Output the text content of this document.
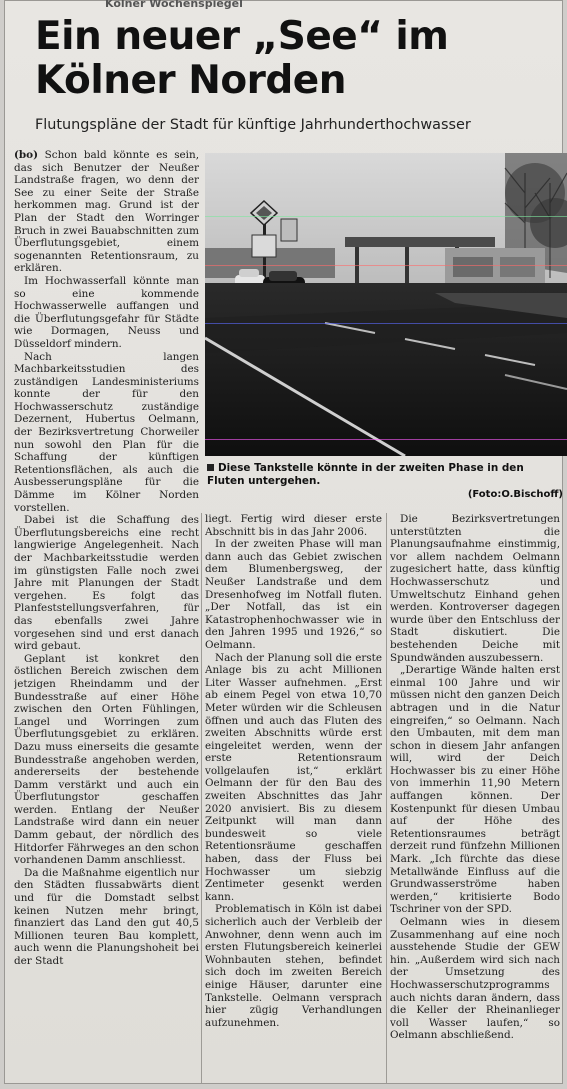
Kölner Wochenspiegel
Ein neuer „See“ im Kölner Norden
Flutungspläne der Stadt für künftige Jahrhunderthochwasser

(bo) Schon bald könnte es sein, das sich Benutzer der Neußer Landstraße fragen, wo denn der See zu einer Seite der Straße herkommen mag. Grund ist der Plan der Stadt den Worringer Bruch in zwei Bauabschnitten zum Überflutungsgebiet, einem sogenannten Retentionsraum, zu erklären.

Im Hochwasserfall könnte man so eine kommende Hochwasserwelle auffangen und die Überflutungsgefahr für Städte wie Dormagen, Neuss und Düsseldorf mindern.

Nach langen Machbarkeitsstudien des zuständigen Landesministeriums konnte der für den Hochwasserschutz zuständige Dezernent, Hubertus Oelmann, der Bezirksvertretung Chorweiler nun sowohl den Plan für die Schaffung der künftigen Retentionsflächen, als auch die Ausbesserungspläne für die Dämme im Kölner Norden vorstellen.

Dabei ist die Schaffung des Überflutungsbereichs eine recht langwierige Angelegenheit. Nach der Machbarkeitsstudie werden im günstigsten Falle noch zwei Jahre mit Planungen der Stadt vergehen. Es folgt das Planfeststellungsverfahren, für das ebenfalls zwei Jahre vorgesehen sind und erst danach wird gebaut.

Geplant ist konkret den östlichen Bereich zwischen dem jetzigen Rheindamm und der Bundesstraße auf einer Höhe zwischen den Orten Fühlingen, Langel und Worringen zum Überflutungsgebiet zu erklären. Dazu muss einerseits die gesamte Bundesstraße angehoben werden, andererseits der bestehende Damm verstärkt und auch ein Überflutungstor geschaffen werden. Entlang der Neußer Landstraße wird dann ein neuer Damm gebaut, der nördlich des Hitdorfer Fährweges an den schon vorhandenen Damm anschliesst.

Da die Maßnahme eigentlich nur den Städten flussabwärts dient und für die Domstadt selbst keinen Nutzen mehr bringt, finanziert das Land den gut 40,5 Millionen teuren Bau komplett, auch wenn die Planungshoheit bei der Stadt

liegt. Fertig wird dieser erste Abschnitt bis in das Jahr 2006.

In der zweiten Phase will man dann auch das Gebiet zwischen dem Blumenbergsweg, der Neußer Landstraße und dem Dresenhofweg im Notfall fluten. „Der Notfall, das ist ein Katastrophenhochwasser wie in den Jahren 1995 und 1926,“ so Oelmann.

Nach der Planung soll die erste Anlage bis zu acht Millionen Liter Wasser aufnehmen. „Erst ab einem Pegel von etwa 10,70 Meter würden wir die Schleusen öffnen und auch das Fluten des zweiten Abschnitts würde erst eingeleitet werden, wenn der erste Retentionsraum vollgelaufen ist,“ erklärt Oelmann der für den Bau des zweiten Abschnittes das Jahr 2020 anvisiert. Bis zu diesem Zeitpunkt will man dann bundesweit so viele Retentionsräume geschaffen haben, dass der Fluss bei Hochwasser um siebzig Zentimeter gesenkt werden kann.

Problematisch in Köln ist dabei sicherlich auch der Verbleib der Anwohner, denn wenn auch im ersten Flutungsbereich keinerlei Wohnbauten stehen, befindet sich doch im zweiten Bereich einige Häuser, darunter eine Tankstelle. Oelmann versprach hier zügig Verhandlungen aufzunehmen.

Die Bezirksvertretungen unterstützten die Planungsaufnahme einstimmig, vor allem nachdem Oelmann zugesichert hatte, dass künftig Hochwasserschutz und Umweltschutz Einhand gehen werden. Kontroverser dagegen wurde über den Entschluss der Stadt diskutiert. Die bestehenden Deiche mit Spundwänden auszubessern.

„Derartige Wände halten erst einmal 100 Jahre und wir müssen nicht den ganzen Deich abtragen und in die Natur eingreifen,“ so Oelmann. Nach den Umbauten, mit dem man schon in diesem Jahr anfangen will, wird der Deich Hochwasser bis zu einer Höhe von immerhin 11,90 Metern auffangen können. Der Kostenpunkt für diesen Umbau auf der Höhe des Retentionsraumes beträgt derzeit rund fünfzehn Millionen Mark. „Ich fürchte das diese Metallwände Einfluss auf die Grundwasserströme haben werden,“ kritisierte Bodo Tschriner von der SPD.

Oelmann wies in diesem Zusammenhang auf eine noch ausstehende Studie der GEW hin. „Außerdem wird sich nach der Umsetzung des Hochwasserschutzprogramms auch nichts daran ändern, dass die Keller der Rheinanlieger voll Wasser laufen,“ so Oelmann abschließend.

Diese Tankstelle könnte in der zweiten Phase in den Fluten untergehen.
(Foto:O.Bischoff)
